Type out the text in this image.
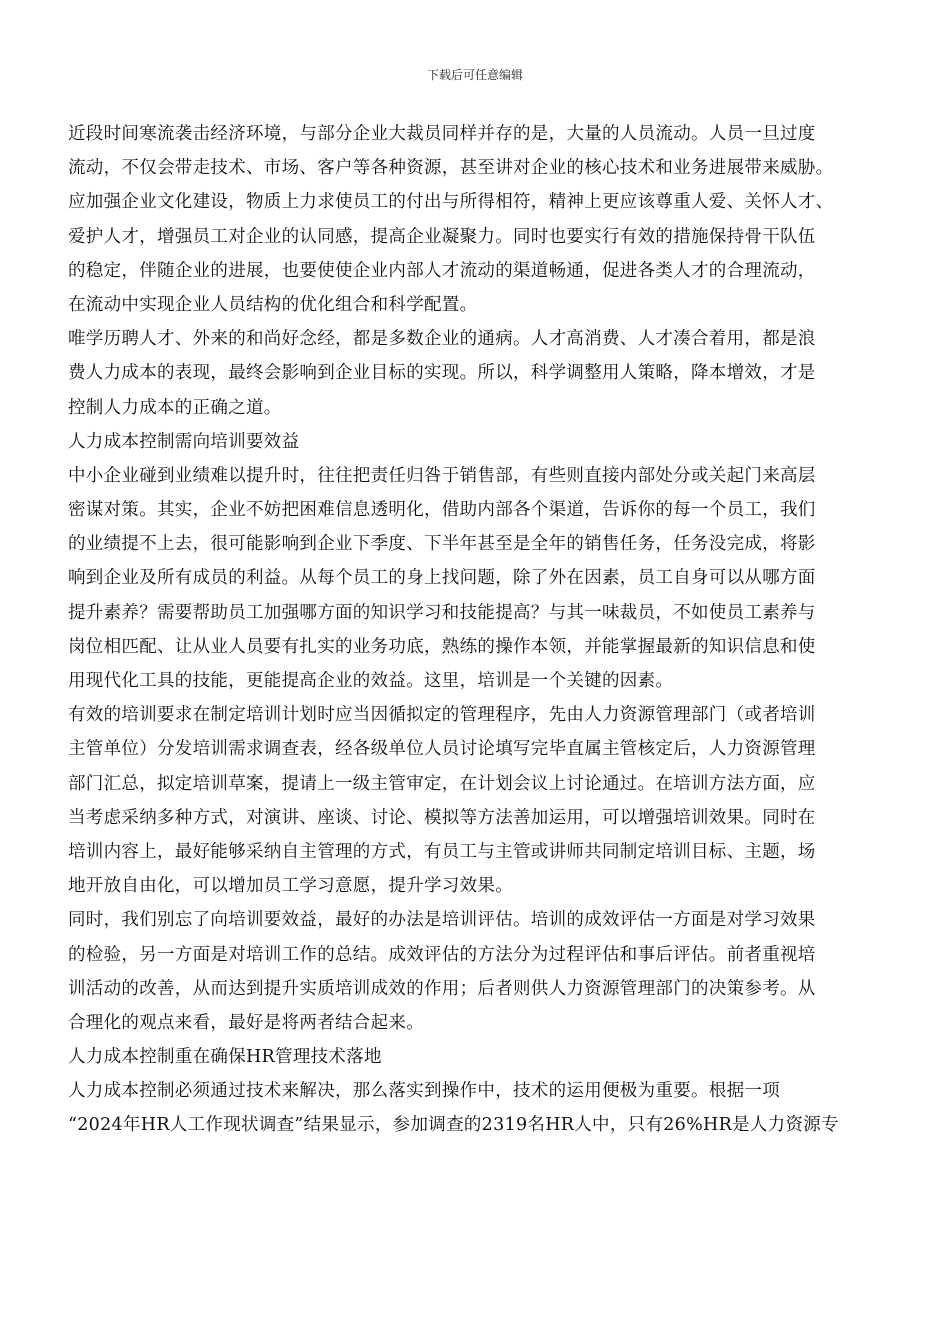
下载后可任意编辑
近段时间寒流袭击经济环境，与部分企业大裁员同样并存的是，大量的人员流动。人员一旦过度
流动，不仅会带走技术、市场、客户等各种资源，甚至讲对企业的核心技术和业务进展带来威胁。
应加强企业文化建设，物质上力求使员工的付出与所得相符，精神上更应该尊重人爱、关怀人才、
爱护人才，增强员工对企业的认同感，提高企业凝聚力。同时也要实行有效的措施保持骨干队伍
的稳定，伴随企业的进展，也要使使企业内部人才流动的渠道畅通，促进各类人才的合理流动，
在流动中实现企业人员结构的优化组合和科学配置。
唯学历聘人才、外来的和尚好念经，都是多数企业的通病。人才高消费、人才凑合着用，都是浪
费人力成本的表现，最终会影响到企业目标的实现。所以，科学调整用人策略，降本增效，才是
控制人力成本的正确之道。
人力成本控制需向培训要效益
中小企业碰到业绩难以提升时，往往把责任归咎于销售部，有些则直接内部处分或关起门来高层
密谋对策。其实，企业不妨把困难信息透明化，借助内部各个渠道，告诉你的每一个员工，我们
的业绩提不上去，很可能影响到企业下季度、下半年甚至是全年的销售任务，任务没完成，将影
响到企业及所有成员的利益。从每个员工的身上找问题，除了外在因素，员工自身可以从哪方面
提升素养？需要帮助员工加强哪方面的知识学习和技能提高？与其一味裁员，不如使员工素养与
岗位相匹配、让从业人员要有扎实的业务功底，熟练的操作本领，并能掌握最新的知识信息和使
用现代化工具的技能，更能提高企业的效益。这里，培训是一个关键的因素。
有效的培训要求在制定培训计划时应当因循拟定的管理程序，先由人力资源管理部门（或者培训
主管单位）分发培训需求调查表，经各级单位人员讨论填写完毕直属主管核定后，人力资源管理
部门汇总，拟定培训草案，提请上一级主管审定，在计划会议上讨论通过。在培训方法方面，应
当考虑采纳多种方式，对演讲、座谈、讨论、模拟等方法善加运用，可以增强培训效果。同时在
培训内容上，最好能够采纳自主管理的方式，有员工与主管或讲师共同制定培训目标、主题，场
地开放自由化，可以增加员工学习意愿，提升学习效果。
同时，我们别忘了向培训要效益，最好的办法是培训评估。培训的成效评估一方面是对学习效果
的检验，另一方面是对培训工作的总结。成效评估的方法分为过程评估和事后评估。前者重视培
训活动的改善，从而达到提升实质培训成效的作用；后者则供人力资源管理部门的决策参考。从
合理化的观点来看，最好是将两者结合起来。
人力成本控制重在确保HR管理技术落地
人力成本控制必须通过技术来解决，那么落实到操作中，技术的运用便极为重要。根据一项
“2024年HR人工作现状调查”结果显示，参加调查的2319名HR人中，只有26%HR是人力资源专
